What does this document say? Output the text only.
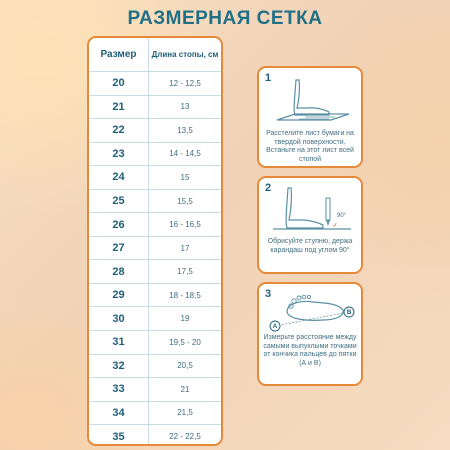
РАЗМЕРНАЯ СЕТКА
Размер	Длина стопы, см
20	12 - 12,5
21	13
22	13,5
23	14 - 14,5
24	15
25	15,5
26	16 - 16,5
27	17
28	17,5
29	18 - 18,5
30	19
31	19,5 - 20
32	20,5
33	21
34	21,5
35	22 - 22,5
1
Расстелите лист бумаги на твердой поверхности. Встаньте на этот лист всей стопой
2
90°
Обрисуйте ступню, держа карандаш под углом 90°
3
A
B
Измерьте расстояние между самыми выпуклыми точками от кончика пальцев до пятки (А и В)
